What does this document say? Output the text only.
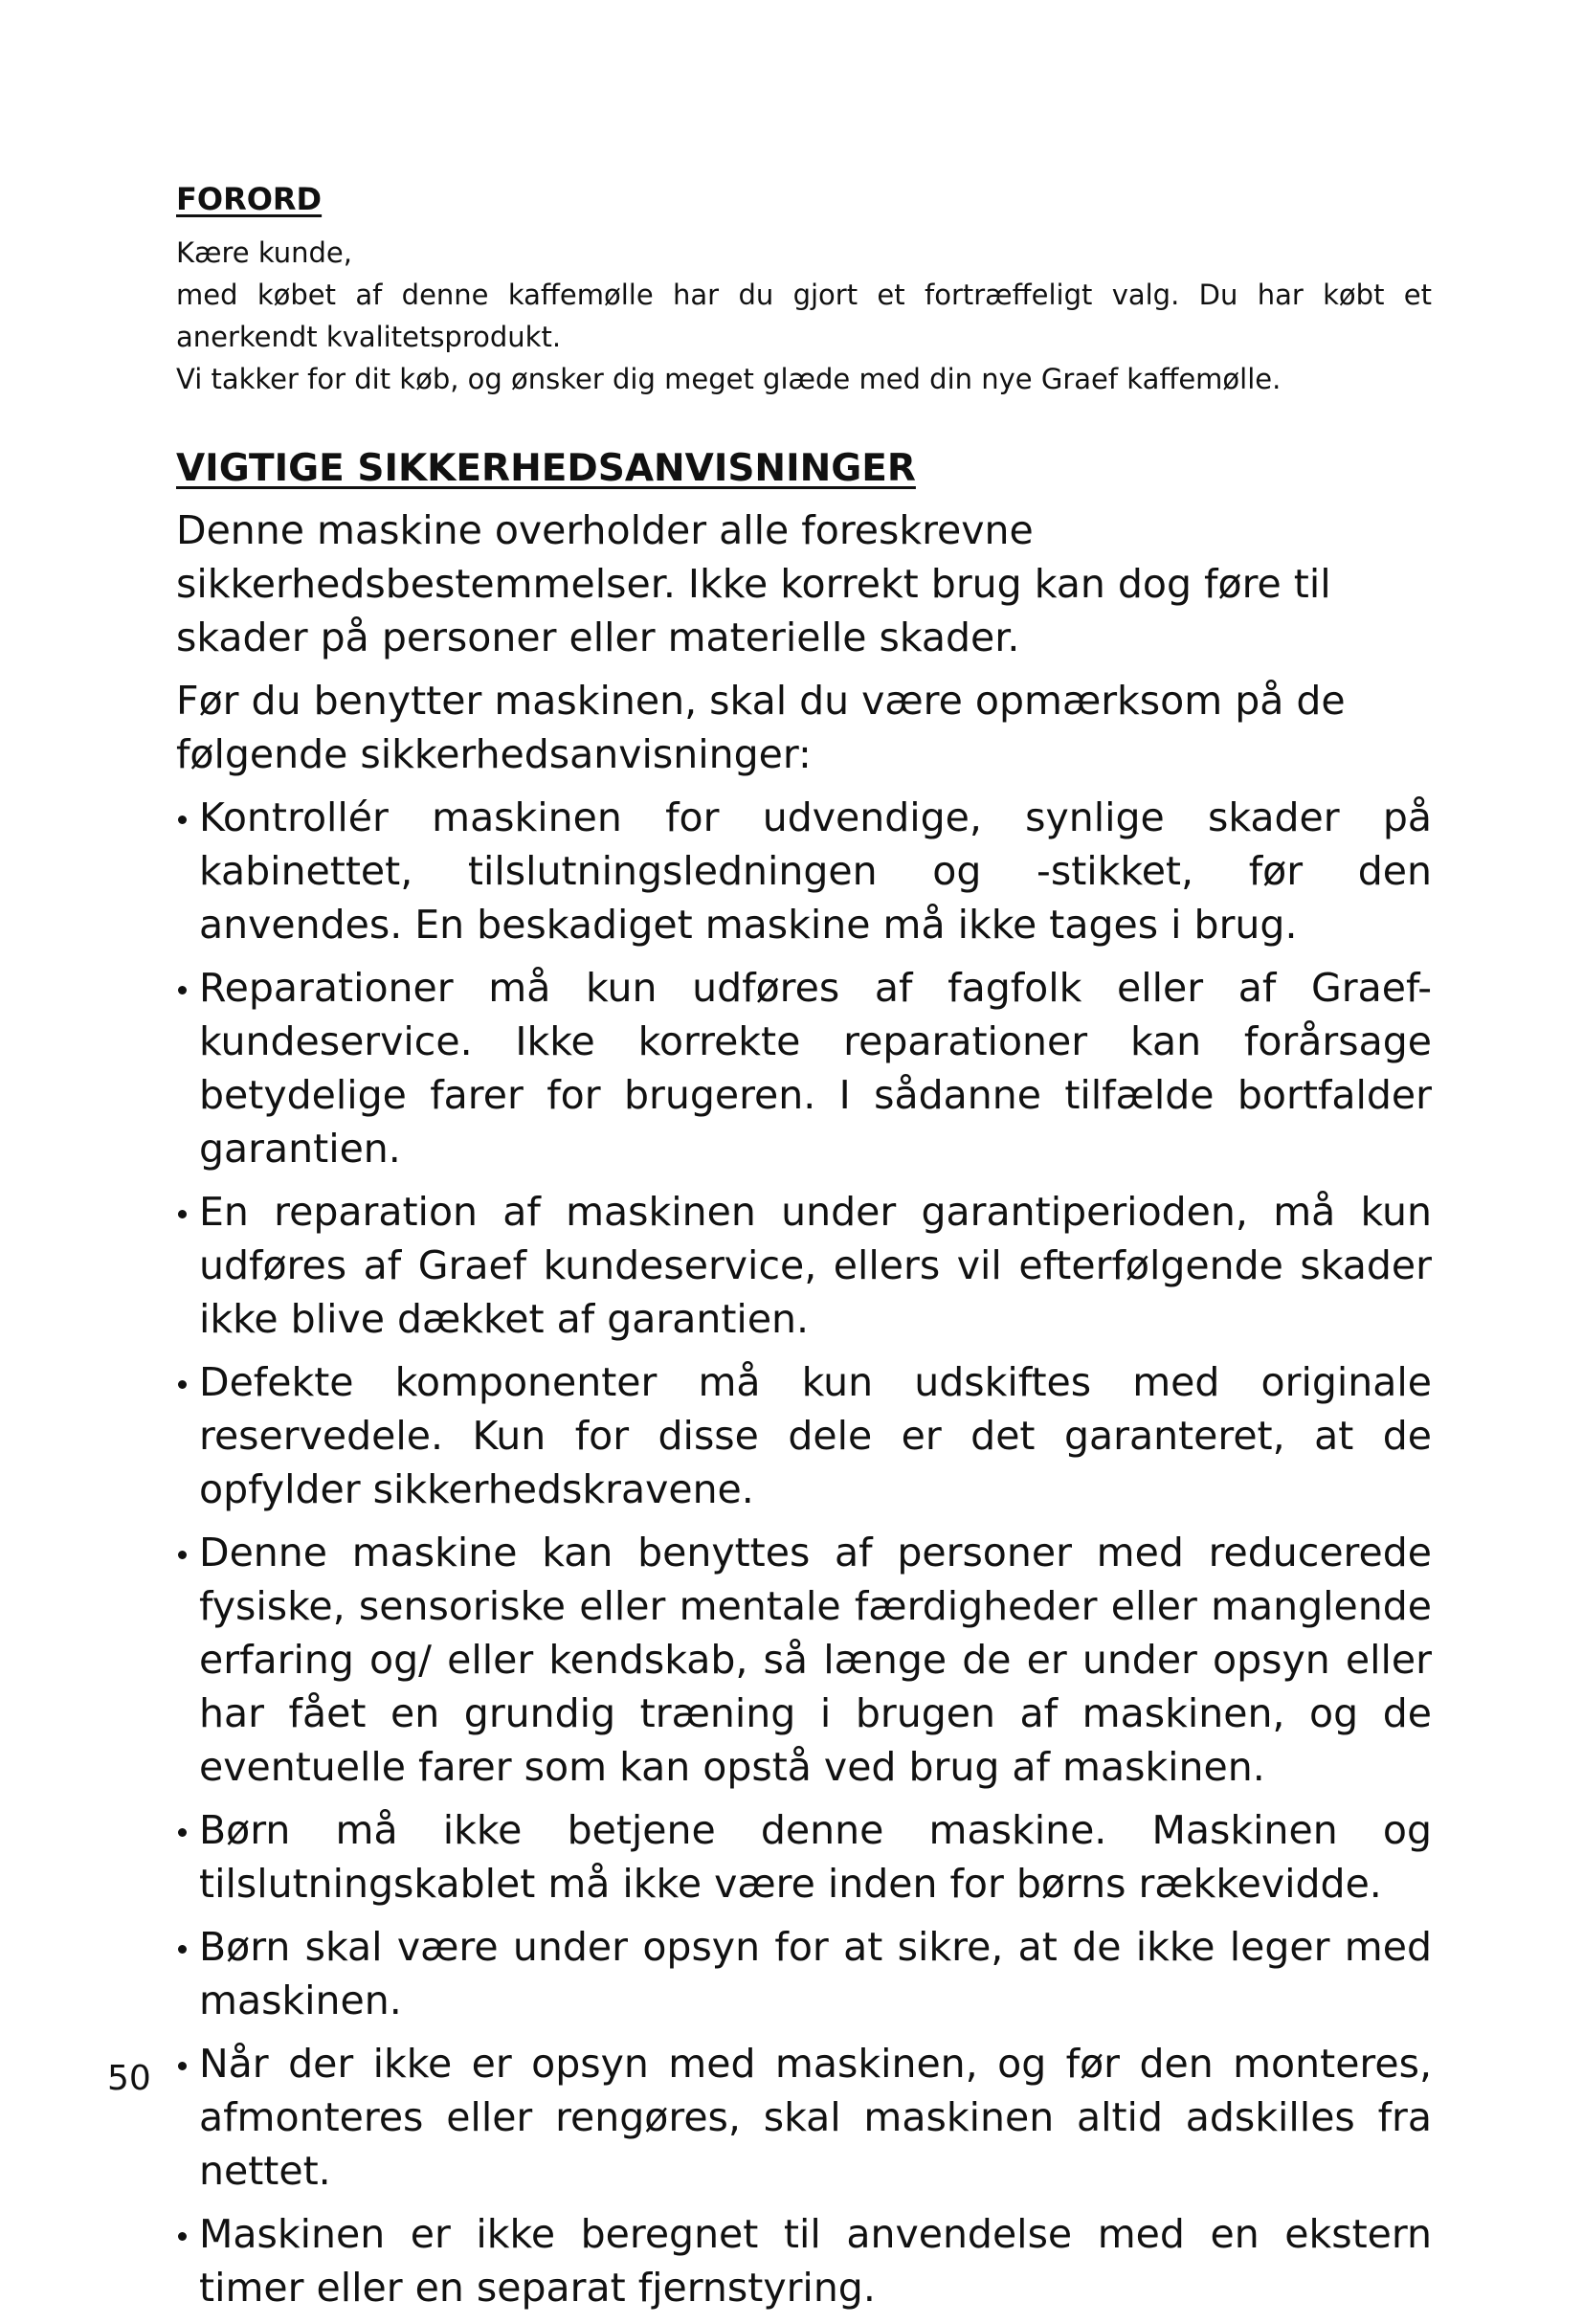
FORORD

Kære kunde,

med købet af denne kaffemølle har du gjort et fortræffeligt valg. Du har købt et anerkendt kvalitetsprodukt.

Vi takker for dit køb, og ønsker dig meget glæde med din nye Graef kaffemølle.

VIGTIGE SIKKERHEDSANVISNINGER

Denne maskine overholder alle foreskrevne sikkerhedsbestemmelser. Ikke korrekt brug kan dog føre til skader på personer eller materielle skader.

Før du benytter maskinen, skal du være opmærksom på de følgende sikkerhedsanvisninger:

Kontrollér maskinen for udvendige, synlige skader på kabinettet, tilslutningsledningen og -stikket, før den anvendes. En beskadiget maskine må ikke tages i brug.
Reparationer må kun udføres af fagfolk eller af Graef-kundeservice. Ikke korrekte reparationer kan forårsage betydelige farer for brugeren. I sådanne tilfælde bortfalder garantien.
En reparation af maskinen under garantiperioden, må kun udføres af Graef kundeservice, ellers vil efterfølgende skader ikke blive dækket af garantien.
Defekte komponenter må kun udskiftes med originale reservedele. Kun for disse dele er det garanteret, at de opfylder sikkerhedskravene.
Denne maskine kan benyttes af personer med reducerede fysiske, sensoriske eller mentale færdigheder eller manglende erfaring og/ eller kendskab, så længe de er under opsyn eller har fået en grundig træning i brugen af maskinen, og de eventuelle farer som kan opstå ved brug af maskinen.
Børn må ikke betjene denne maskine. Maskinen og tilslutningskablet må ikke være inden for børns rækkevidde.
Børn skal være under opsyn for at sikre, at de ikke leger med maskinen.
Når der ikke er opsyn med maskinen, og før den monteres, afmonteres eller rengøres, skal maskinen altid adskilles fra nettet.
Maskinen er ikke beregnet til anvendelse med en ekstern timer eller en separat fjernstyring.
50
